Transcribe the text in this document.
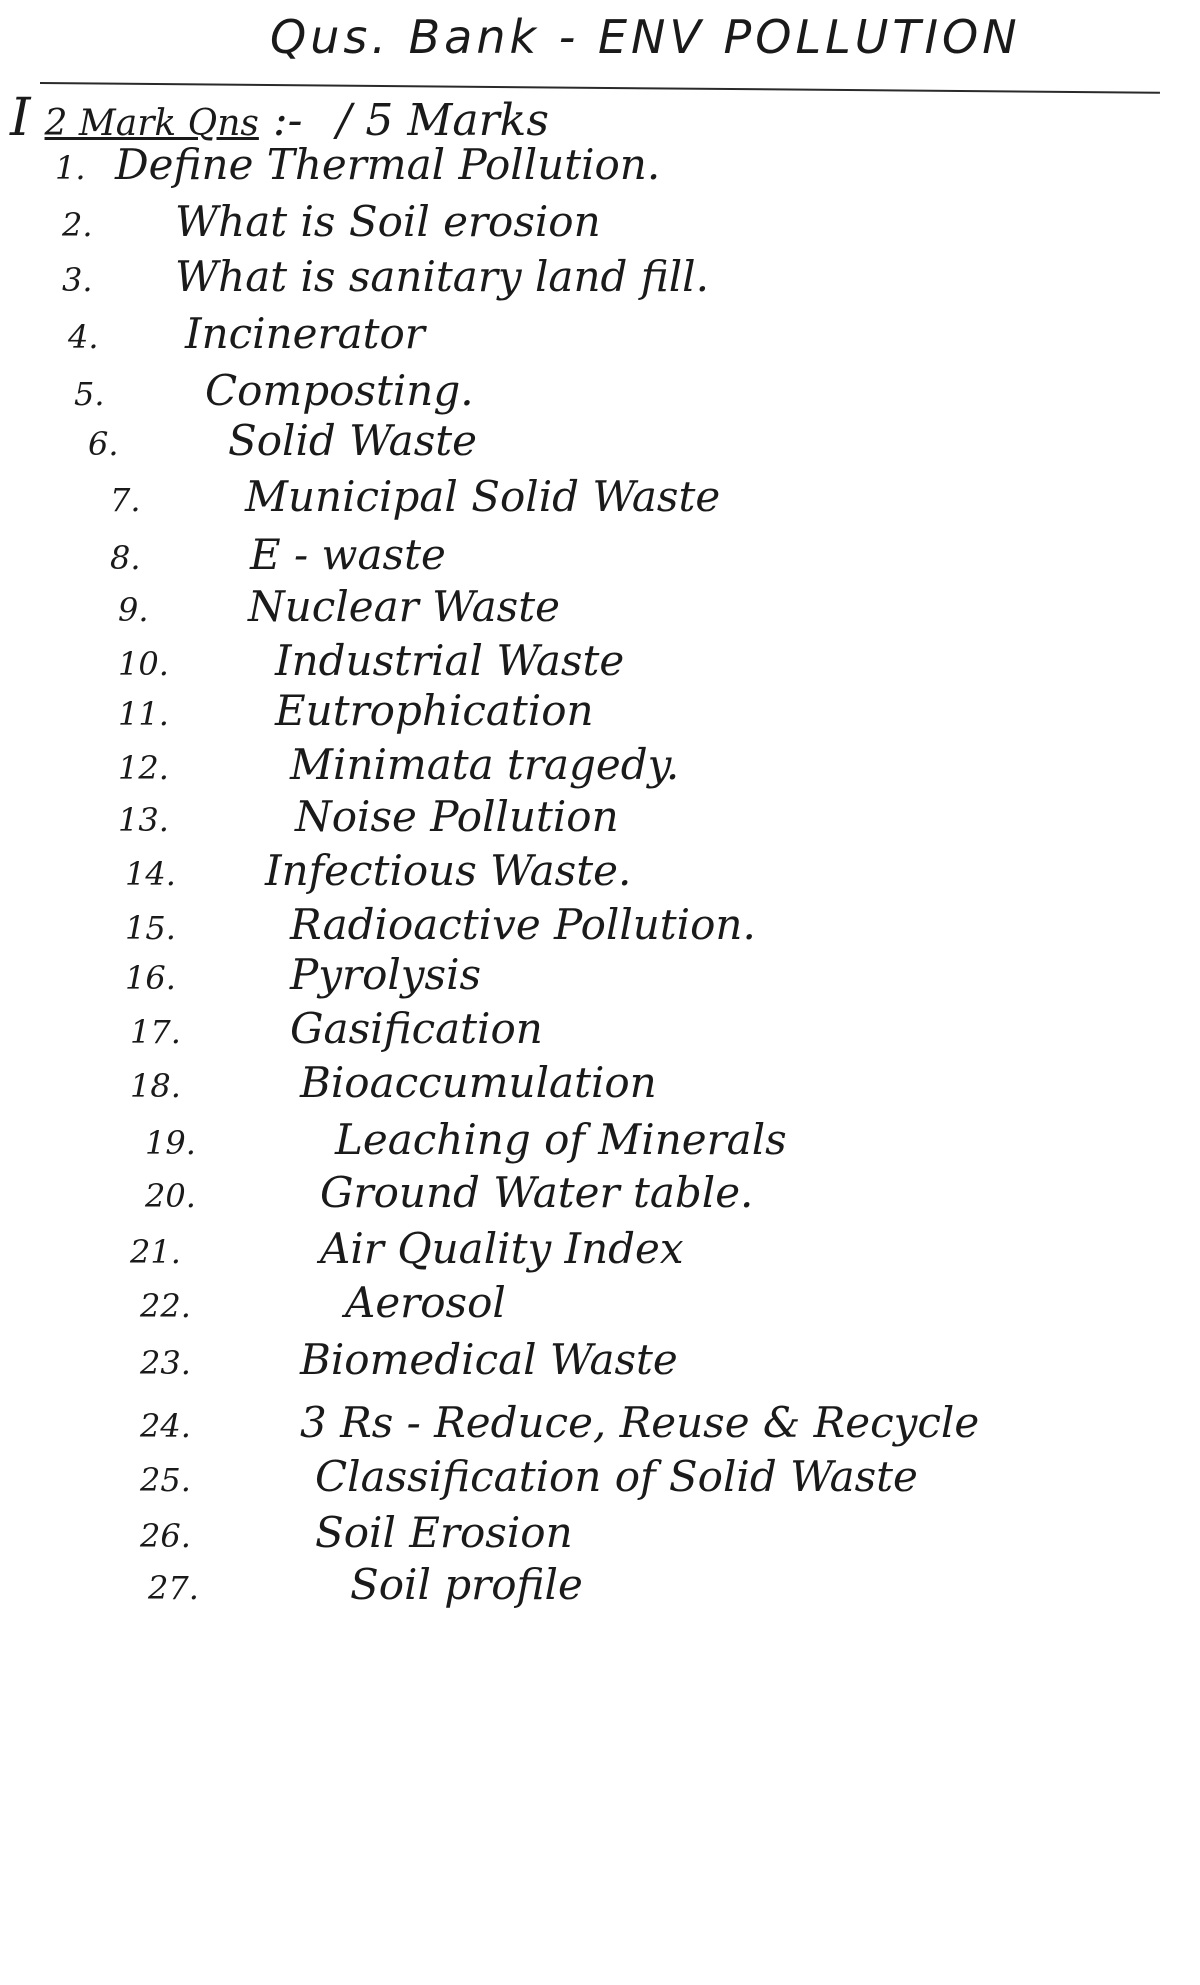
Qus. Bank - ENV POLLUTION
I 2 Mark Qns :- / 5 Marks
1. Define Thermal Pollution.
2. What is Soil erosion
3. What is sanitary land fill.
4. Incinerator
5. Composting.
6.	Solid Waste
7. Municipal Solid Waste
8.	E - waste
9. Nuclear Waste
10.	Industrial Waste
11.	Eutrophication
12.	Minimata tragedy.
13.	Noise Pollution
14. Infectious Waste.
15.	Radioactive Pollution.
16.	Pyrolysis
17.	Gasification
18.	Bioaccumulation
19.	Leaching of Minerals
20.	Ground Water table.
21.	Air Quality Index
22.	Aerosol
23.	Biomedical Waste
24.	3 Rs - Reduce, Reuse & Recycle
25.	Classification of Solid Waste
26.	Soil Erosion
27.	Soil profile
